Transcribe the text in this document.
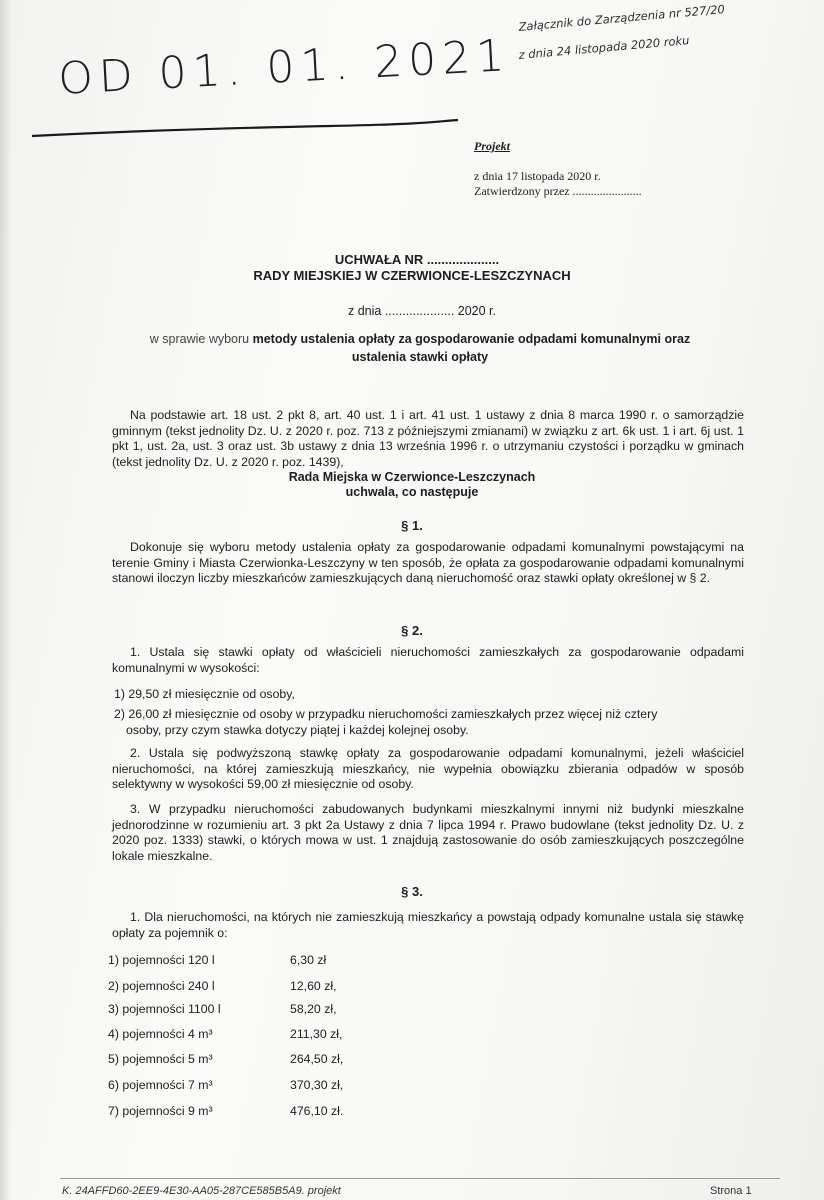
OD 01. 01. 2021
Załącznik do Zarządzenia nr 527/20
z dnia 24 listopada 2020 roku
Projekt
z dnia 17 listopada 2020 r.
Zatwierdzony przez .......................
UCHWAŁA NR ....................
RADY MIEJSKIEJ W CZERWIONCE-LESZCZYNACH
z dnia .................... 2020 r.
w sprawie wyboru metody ustalenia opłaty za gospodarowanie odpadami komunalnymi oraz
ustalenia stawki opłaty
Na podstawie art. 18 ust. 2 pkt 8, art. 40 ust. 1 i art. 41 ust. 1 ustawy z dnia 8 marca 1990 r. o samorządzie gminnym (tekst jednolity Dz. U. z 2020 r. poz. 713 z późniejszymi zmianami) w związku z art. 6k ust. 1 i art. 6j ust. 1 pkt 1, ust. 2a, ust. 3 oraz ust. 3b ustawy z dnia 13 września 1996 r. o utrzymaniu czystości i porządku w gminach (tekst jednolity Dz. U. z 2020 r. poz. 1439),
Rada Miejska w Czerwionce-Leszczynach
uchwala, co następuje
§ 1.
Dokonuje się wyboru metody ustalenia opłaty za gospodarowanie odpadami komunalnymi powstającymi na terenie Gminy i Miasta Czerwionka-Leszczyny w ten sposób, że opłata za gospodarowanie odpadami komunalnymi stanowi iloczyn liczby mieszkańców zamieszkujących daną nieruchomość oraz stawki opłaty określonej w § 2.
§ 2.
1. Ustala się stawki opłaty od właścicieli nieruchomości zamieszkałych za gospodarowanie odpadami komunalnymi w wysokości:
1) 29,50 zł miesięcznie od osoby,
2) 26,00 zł miesięcznie od osoby w przypadku nieruchomości zamieszkałych przez więcej niż cztery
osoby, przy czym stawka dotyczy piątej i każdej kolejnej osoby.
2. Ustala się podwyższoną stawkę opłaty za gospodarowanie odpadami komunalnymi, jeżeli właściciel nieruchomości, na której zamieszkują mieszkańcy, nie wypełnia obowiązku zbierania odpadów w sposób selektywny w wysokości 59,00 zł miesięcznie od osoby.
3. W przypadku nieruchomości zabudowanych budynkami mieszkalnymi innymi niż budynki mieszkalne jednorodzinne w rozumieniu art. 3 pkt 2a Ustawy z dnia 7 lipca 1994 r. Prawo budowlane (tekst jednolity Dz. U. z 2020 poz. 1333) stawki, o których mowa w ust. 1 znajdują zastosowanie do osób zamieszkujących poszczególne lokale mieszkalne.
§ 3.
1. Dla nieruchomości, na których nie zamieszkują mieszkańcy a powstają odpady komunalne ustala się stawkę opłaty za pojemnik o:
1) pojemności 120 l	6,30 zł
2) pojemności 240 l	12,60 zł,
3) pojemności 1100 l	58,20 zł,
4) pojemności 4 m³	211,30 zł,
5) pojemności 5 m³	264,50 zł,
6) pojemności 7 m³	370,30 zł,
7) pojemności 9 m³	476,10 zł.
K. 24AFFD60-2EE9-4E30-AA05-287CE585B5A9. projekt	Strona 1
